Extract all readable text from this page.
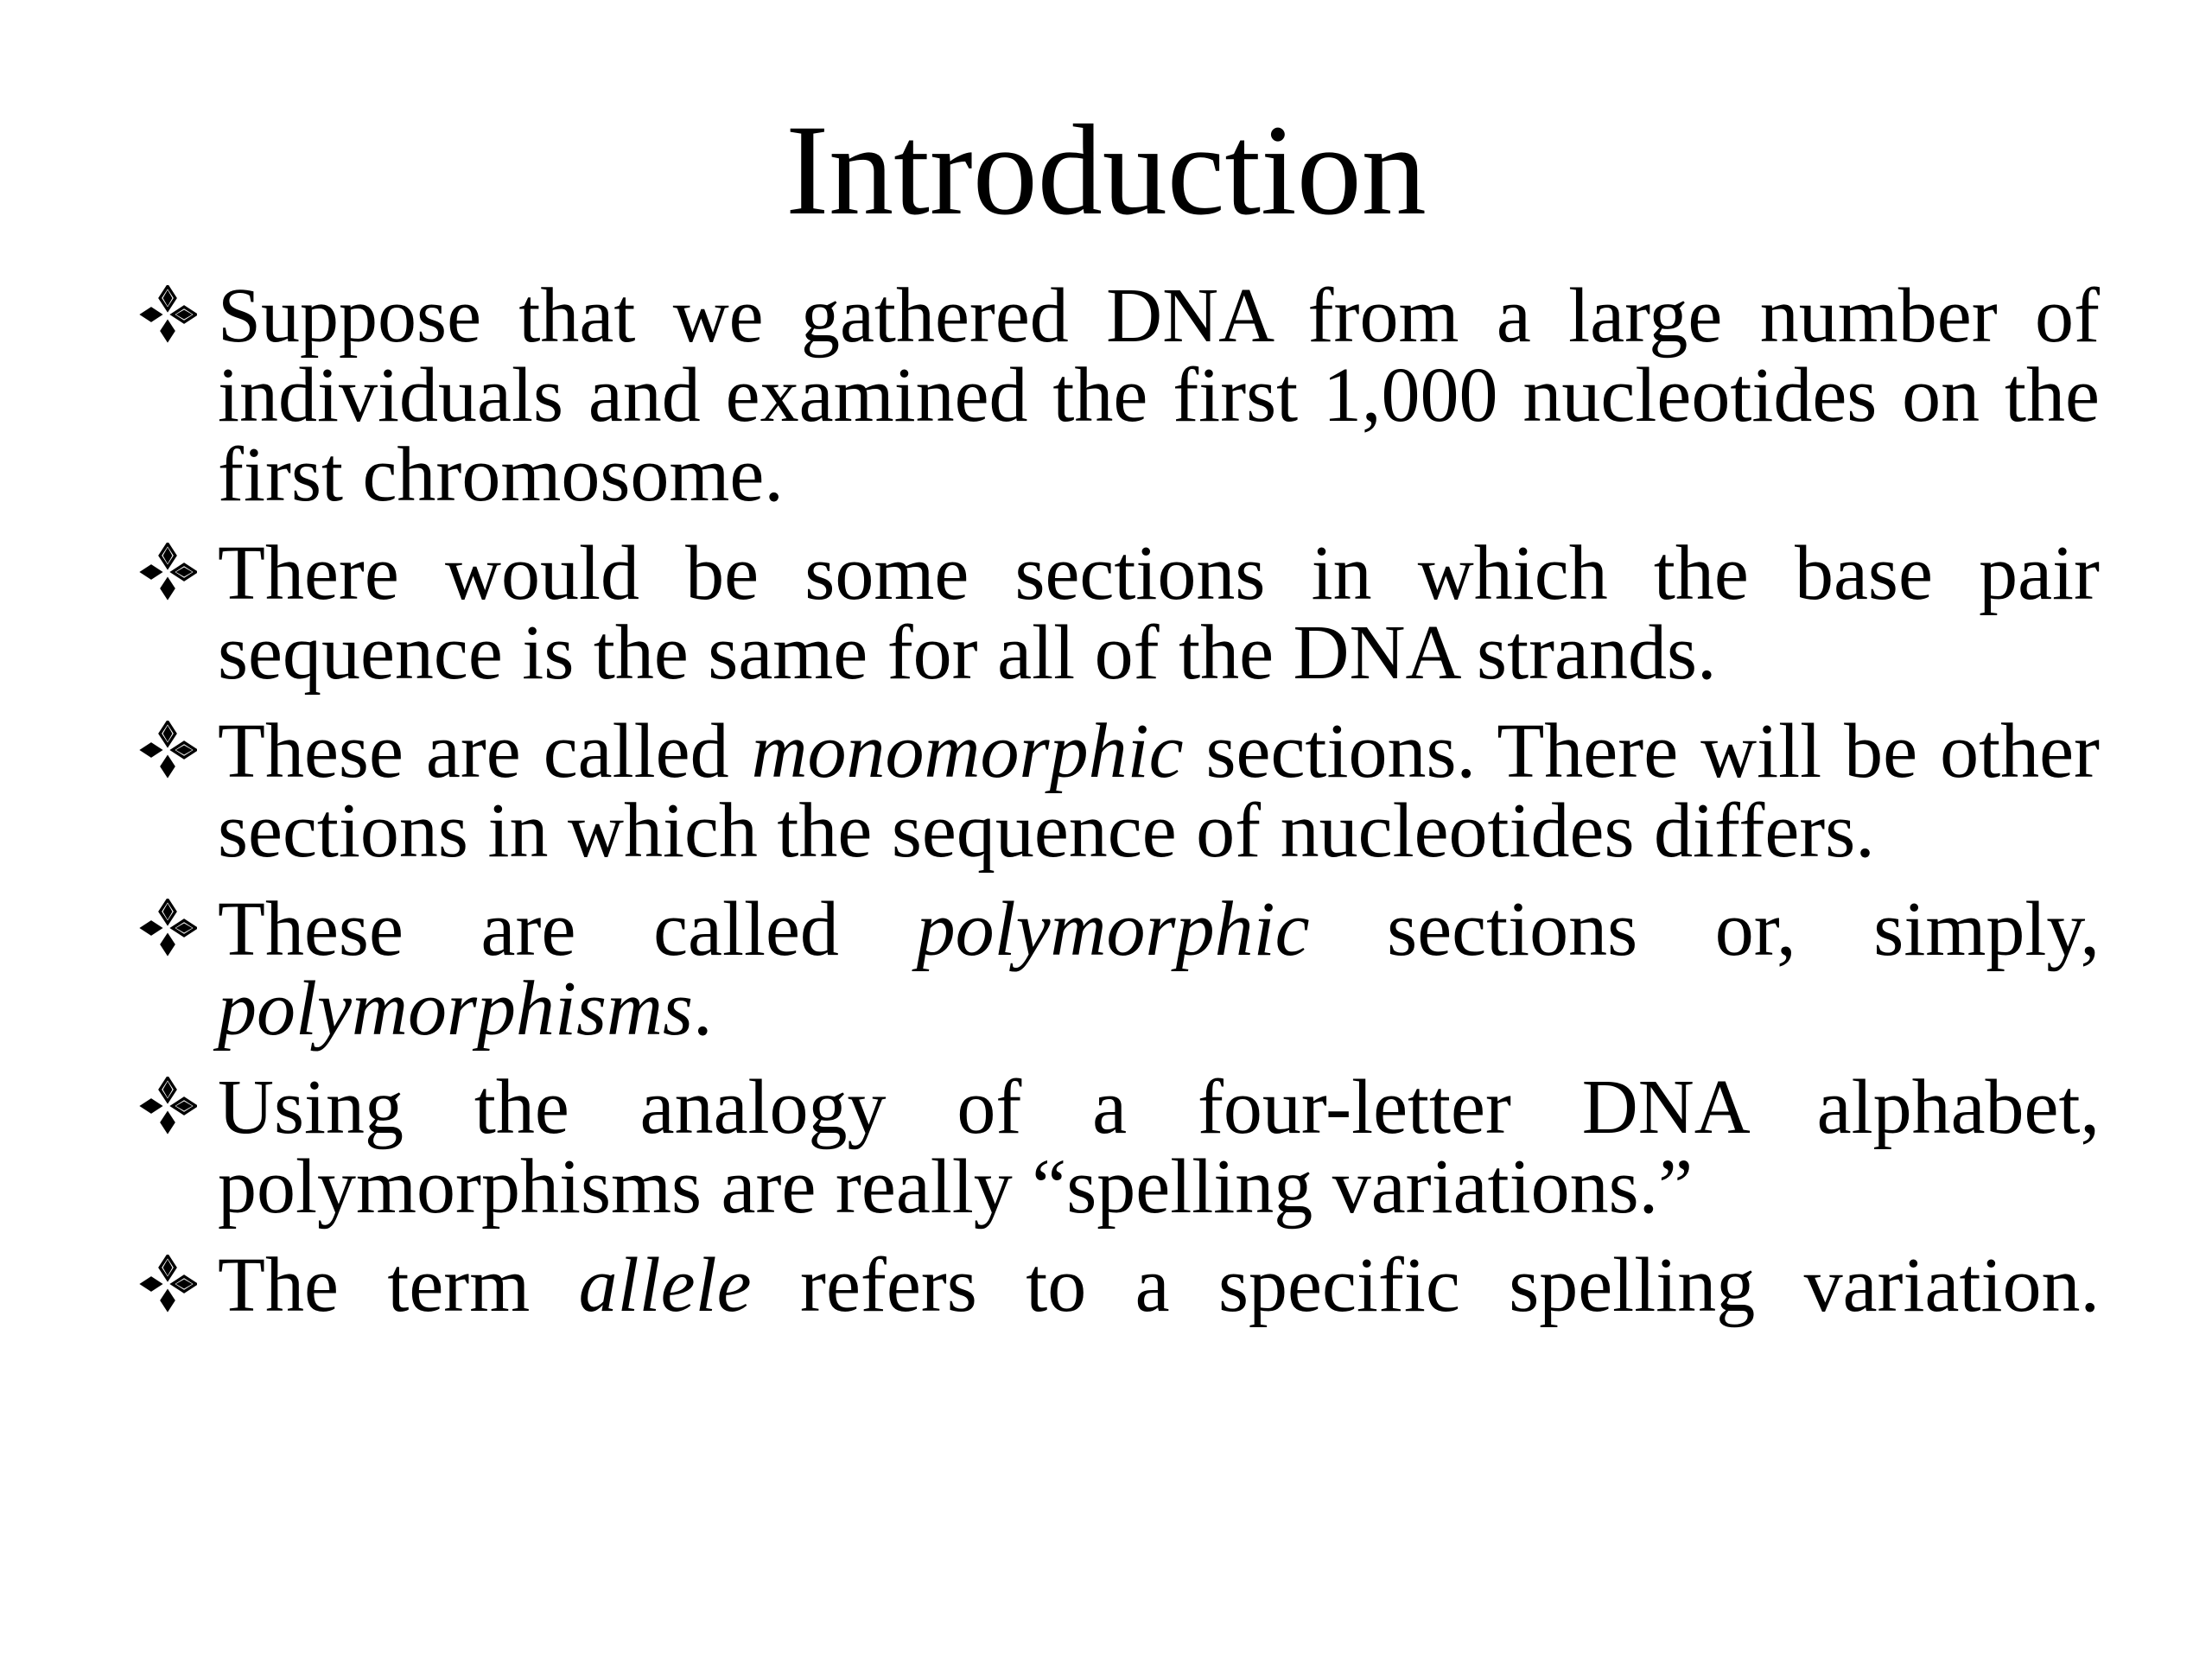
Introduction
Suppose that we gathered DNA from a large number of individuals and examined the first 1,000 nucleotides on the first chromosome.
There would be some sections in which the base pair sequence is the same for all of the DNA strands.
These are called monomorphic sections. There will be other sections in which the sequence of nucleotides differs.
These are called polymorphic sections or, simply, polymorphisms.
Using the analogy of a four-letter DNA alphabet, polymorphisms are really “spelling variations.”
The term allele refers to a specific spelling variation.
